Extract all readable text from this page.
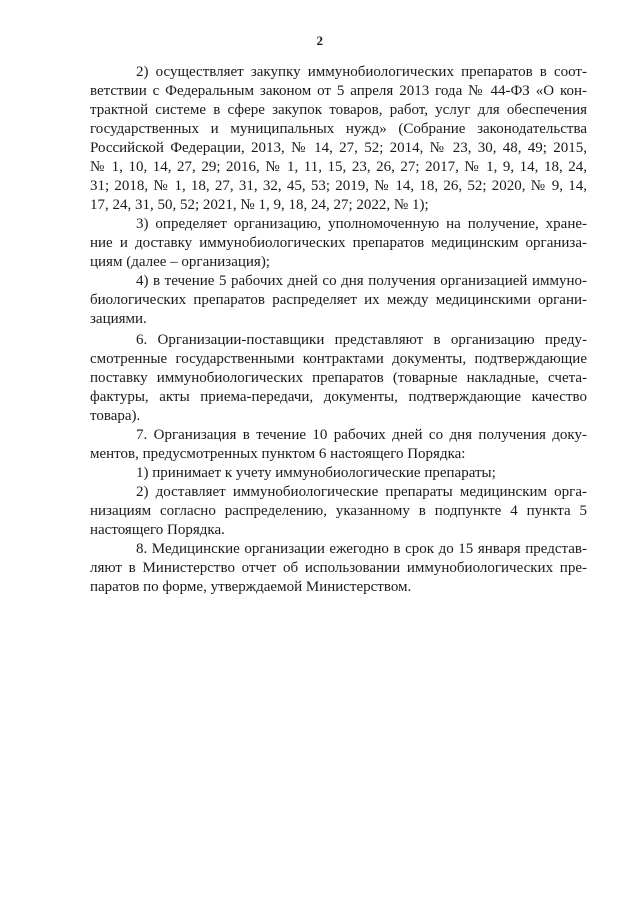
2
2) осуществляет закупку иммунобиологических препаратов в соот-
ветствии с Федеральным законом от 5 апреля 2013 года № 44-ФЗ «О кон-
трактной системе в сфере закупок товаров, работ, услуг для обеспечения
государственных и муниципальных нужд» (Собрание законодательства
Российской Федерации, 2013, № 14, 27, 52; 2014, № 23, 30, 48, 49; 2015,
№ 1, 10, 14, 27, 29; 2016, № 1, 11, 15, 23, 26, 27; 2017, № 1, 9, 14, 18, 24,
31; 2018, № 1, 18, 27, 31, 32, 45, 53; 2019, № 14, 18, 26, 52; 2020, № 9, 14,
17, 24, 31, 50, 52; 2021, № 1, 9, 18, 24, 27; 2022, № 1);
3) определяет организацию, уполномоченную на получение, хране-
ние и доставку иммунобиологических препаратов медицинским организа-
циям (далее – организация);
4) в течение 5 рабочих дней со дня получения организацией иммуно-
биологических препаратов распределяет их между медицинскими органи-
зациями.
6. Организации-поставщики представляют в организацию преду-
смотренные государственными контрактами документы, подтверждающие
поставку иммунобиологических препаратов (товарные накладные, счета-
фактуры, акты приема-передачи, документы, подтверждающие качество
товара).
7. Организация в течение 10 рабочих дней со дня получения доку-
ментов, предусмотренных пунктом 6 настоящего Порядка:
1) принимает к учету иммунобиологические препараты;
2) доставляет иммунобиологические препараты медицинским орга-
низациям согласно распределению, указанному в подпункте 4 пункта 5
настоящего Порядка.
8. Медицинские организации ежегодно в срок до 15 января представ-
ляют в Министерство отчет об использовании иммунобиологических пре-
паратов по форме, утверждаемой Министерством.
